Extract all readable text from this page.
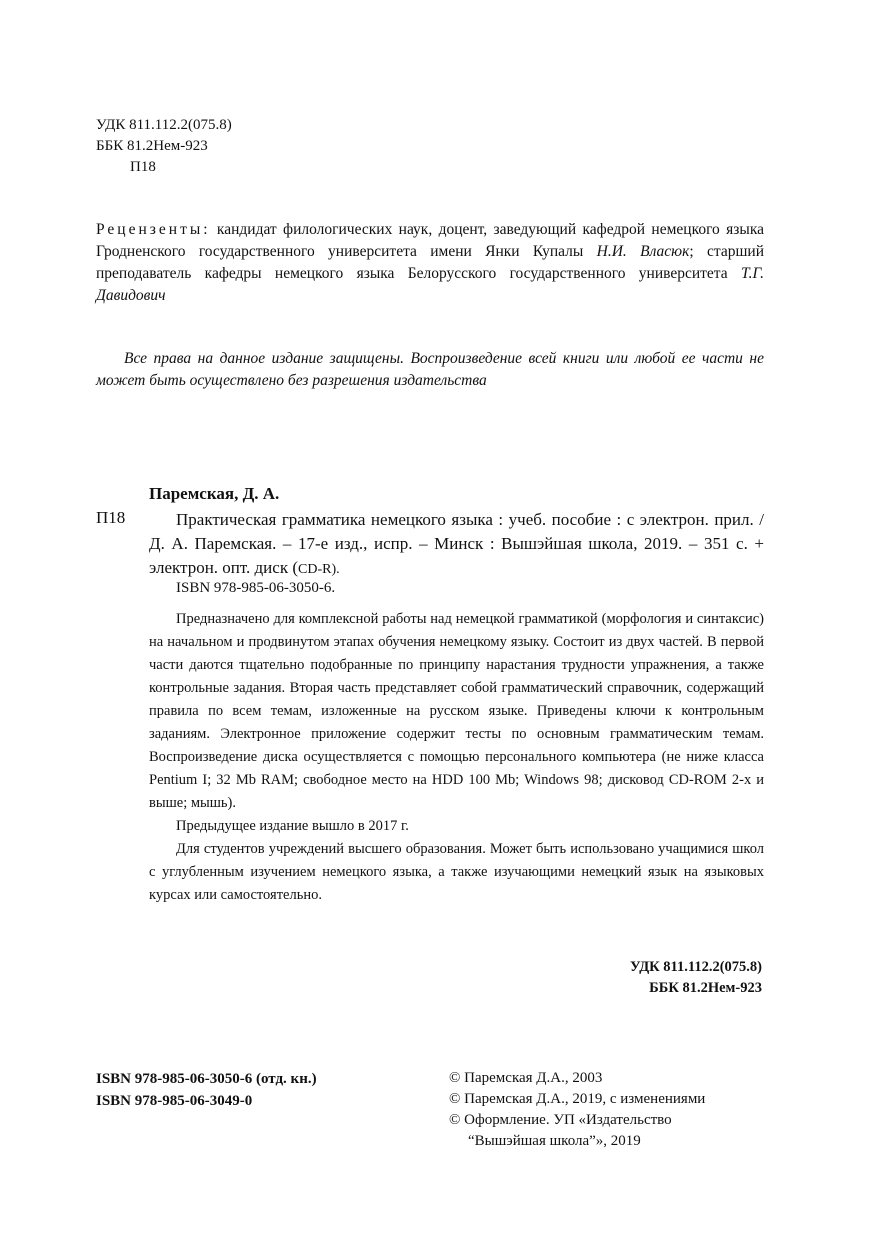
УДК 811.112.2(075.8)
ББК 81.2Нем-923
П18
Рецензенты: кандидат филологических наук, доцент, заведующий кафедрой немецкого языка Гродненского государственного университета имени Янки Купалы Н.И. Власюк; старший преподаватель кафедры немецкого языка Белорусского государственного университета Т.Г. Давидович
Все права на данное издание защищены. Воспроизведение всей книги или любой ее части не может быть осуществлено без разрешения издательства
Паремская, Д. А.
П18	Практическая грамматика немецкого языка : учеб. пособие : с электрон. прил. / Д. А. Паремская. – 17-е изд., испр. – Минск : Вышэйшая школа, 2019. – 351 с. + электрон. опт. диск (CD-R).
ISBN 978-985-06-3050-6.

Предназначено для комплексной работы над немецкой грамматикой (морфология и синтаксис) на начальном и продвинутом этапах обучения немецкому языку. Состоит из двух частей. В первой части даются тщательно подобранные по принципу нарастания трудности упражнения, а также контрольные задания. Вторая часть представляет собой грамматический справочник, содержащий правила по всем темам, изложенные на русском языке. Приведены ключи к контрольным заданиям. Электронное приложение содержит тесты по основным грамматическим темам. Воспроизведение диска осуществляется с помощью персонального компьютера (не ниже класса Pentium I; 32 Mb RAM; свободное место на HDD 100 Mb; Windows 98; дисковод CD-ROM 2-х и выше; мышь).

Предыдущее издание вышло в 2017 г.

Для студентов учреждений высшего образования. Может быть использовано учащимися школ с углубленным изучением немецкого языка, а также изучающими немецкий язык на языковых курсах или самостоятельно.

УДК 811.112.2(075.8)
ББК 81.2Нем-923
ISBN 978-985-06-3050-6 (отд. кн.)
ISBN 978-985-06-3049-0
© Паремская Д.А., 2003
© Паремская Д.А., 2019, с изменениями
© Оформление. УП «Издательство
“Вышэйшая школа”», 2019
